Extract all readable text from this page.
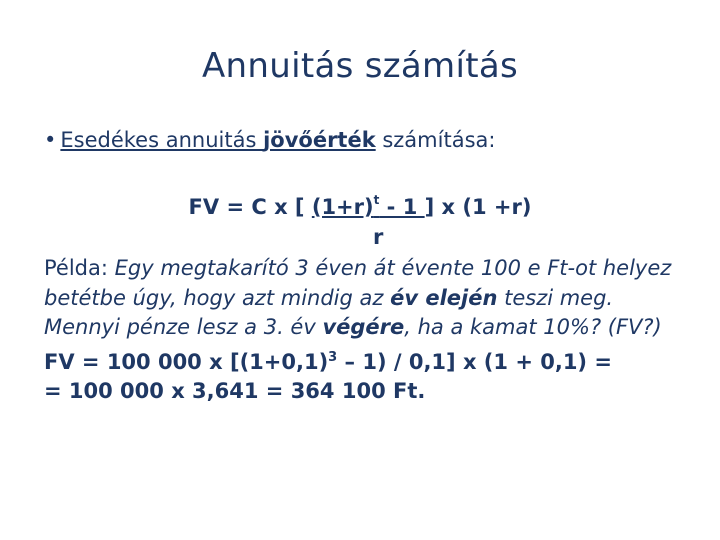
Annuitás számítás
• Esedékes annuitás jövőérték számítása:
FV = C x [ $(1+r)^t - 1$ ] x (1 +r)
r

Példa: Egy megtakarító 3 éven át évente 100 e Ft-ot helyez betétbe úgy, hogy azt mindig az év elején teszi meg. Mennyi pénze lesz a 3. év végére, ha a kamat 10%? (FV?)

FV = 100 000 x $[(1+0,1)^3 - 1) / 0,1$] x (1 + 0,1) =

= 100 000 x 3,641 = 364 100 Ft.
